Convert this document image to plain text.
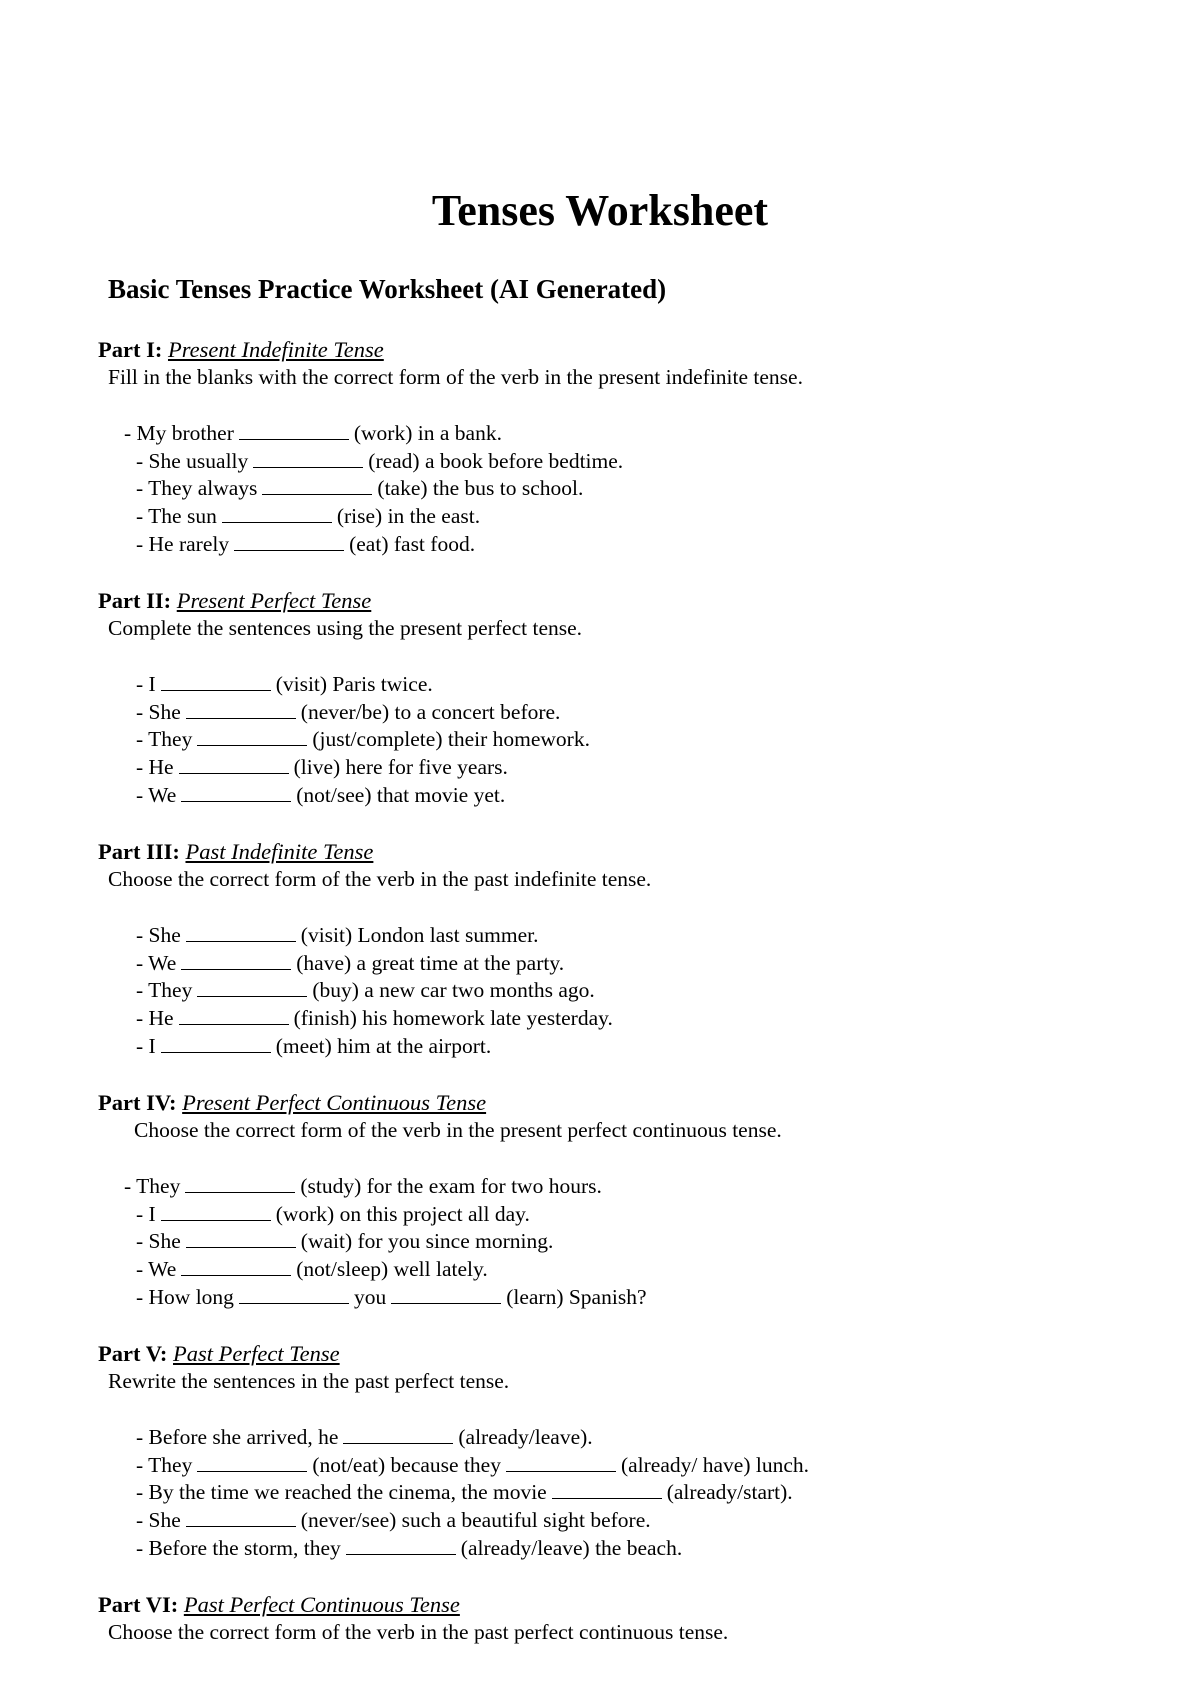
Tenses Worksheet
Basic Tenses Practice Worksheet (AI Generated)
Part I: Present Indefinite Tense
Fill in the blanks with the correct form of the verb in the present indefinite tense.
- My brother	(work) in a bank.
- She usually	(read) a book before bedtime.
- They always	(take) the bus to school.
- The sun	(rise) in the east.
- He rarely	(eat) fast food.
Part II: Present Perfect Tense
Complete the sentences using the present perfect tense.
- I	(visit) Paris twice.
- She	(never/be) to a concert before.
- They	(just/complete) their homework.
- He	(live) here for five years.
- We	(not/see) that movie yet.
Part III: Past Indefinite Tense
Choose the correct form of the verb in the past indefinite tense.
- She	(visit) London last summer.
- We	(have) a great time at the party.
- They	(buy) a new car two months ago.
- He	(finish) his homework late yesterday.
- I	(meet) him at the airport.
Part IV: Present Perfect Continuous Tense
Choose the correct form of the verb in the present perfect continuous tense.
- They	(study) for the exam for two hours.
- I	(work) on this project all day.
- She	(wait) for you since morning.
- We	(not/sleep) well lately.
- How long	you	(learn) Spanish?
Part V: Past Perfect Tense
Rewrite the sentences in the past perfect tense.
- Before she arrived, he	(already/leave).
- They	(not/eat) because they	(already/ have) lunch.
- By the time we reached the cinema, the movie	(already/start).
- She	(never/see) such a beautiful sight before.
- Before the storm, they	(already/leave) the beach.
Part VI: Past Perfect Continuous Tense
Choose the correct form of the verb in the past perfect continuous tense.
